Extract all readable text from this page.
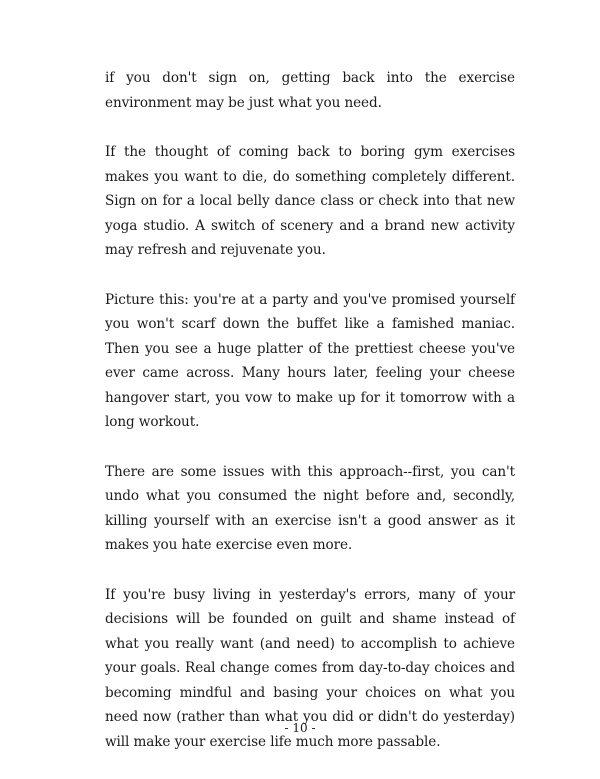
if you don't sign on, getting back into the exercise environment may be just what you need.

If the thought of coming back to boring gym exercises makes you want to die, do something completely different. Sign on for a local belly dance class or check into that new yoga studio. A switch of scenery and a brand new activity may refresh and rejuvenate you.

Picture this: you're at a party and you've promised yourself you won't scarf down the buffet like a famished maniac. Then you see a huge platter of the prettiest cheese you've ever came across. Many hours later, feeling your cheese hangover start, you vow to make up for it tomorrow with a long workout.

There are some issues with this approach--first, you can't undo what you consumed the night before and, secondly, killing yourself with an exercise isn't a good answer as it makes you hate exercise even more.

If you're busy living in yesterday's errors, many of your decisions will be founded on guilt and shame instead of what you really want (and need) to accomplish to achieve your goals. Real change comes from day-to-day choices and becoming mindful and basing your choices on what you need now (rather than what you did or didn't do yesterday) will make your exercise life much more passable.

- 10 -
